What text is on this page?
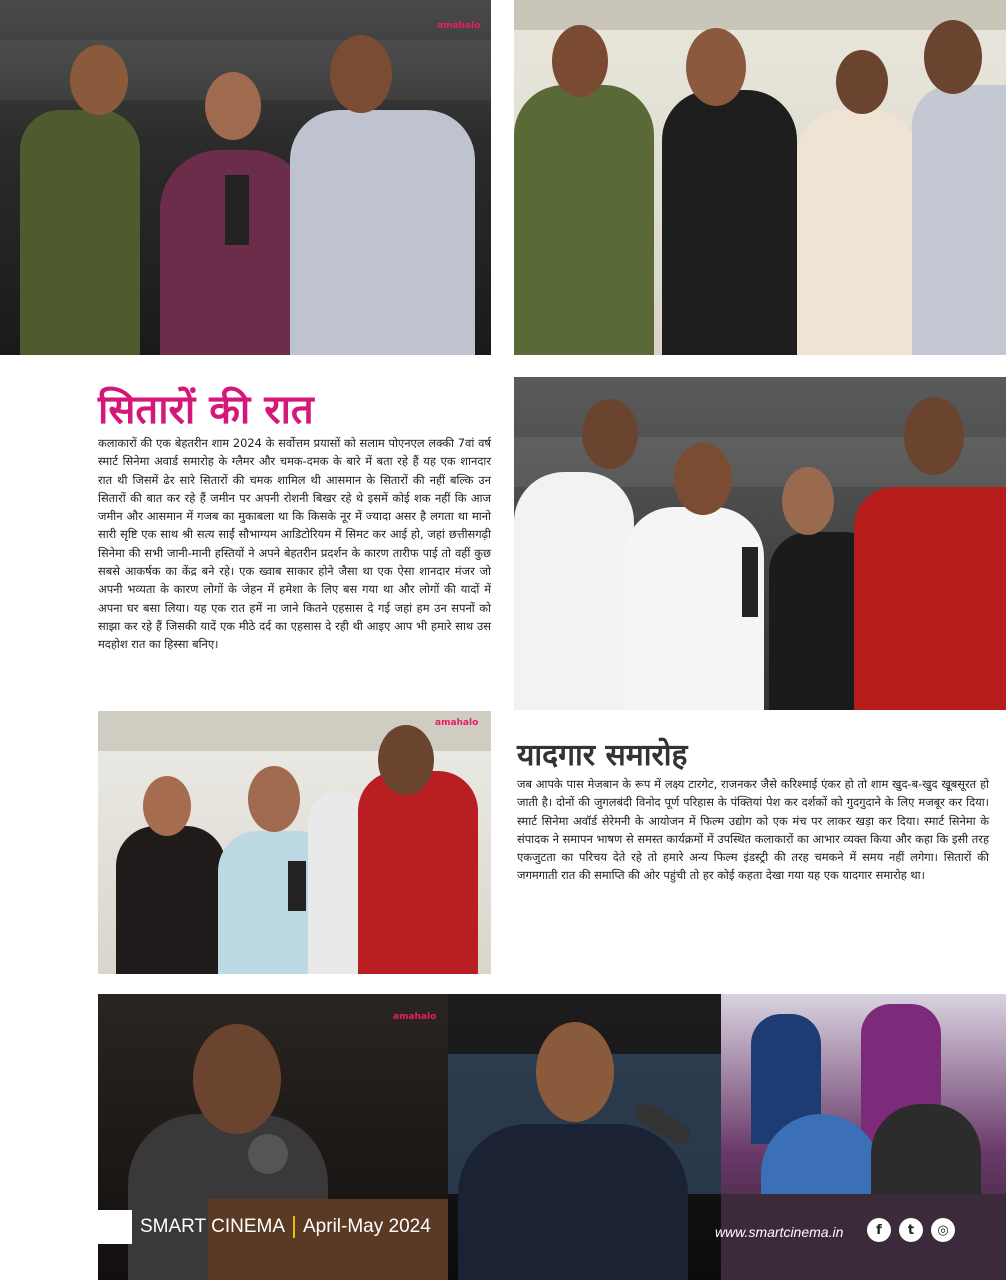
amahalo
amahalo
amahalo
सितारों की रात

कलाकारों की एक बेहतरीन शाम 2024 के सर्वोत्तम प्रयासों को सलाम पोएनएल लक्की 7वां वर्ष स्मार्ट सिनेमा अवार्ड समारोह के ग्लैमर और चमक-दमक के बारे में बता रहे हैं यह एक शानदार रात थी जिसमें ढेर सारे सितारों की चमक शामिल थी आसमान के सितारों की नहीं बल्कि उन सितारों की बात कर रहे हैं जमीन पर अपनी रोशनी बिखर रहे थे इसमें कोई शक नहीं कि आज जमीन और आसमान में गजब का मुकाबला था कि किसके नूर में ज्यादा असर है लगता था मानो सारी सृष्टि एक साथ श्री सत्य साईं सौभाग्यम आडिटोरियम में सिमट कर आई हो, जहां छत्तीसगढ़ी सिनेमा की सभी जानी-मानी हस्तियों ने अपने बेहतरीन प्रदर्शन के कारण तारीफ पाई तो वहीं कुछ सबसे आकर्षक का केंद्र बने रहे। एक ख्वाब साकार होने जैसा था एक ऐसा शानदार मंजर जो अपनी भव्यता के कारण लोगों के जेहन में हमेशा के लिए बस गया था और लोगों की यादों में अपना घर बसा लिया। यह एक रात हमें ना जाने कितने एहसास दे गई जहां हम उन सपनों को साझा कर रहे हैं जिसकी यादें एक मीठे दर्द का एहसास दे रही थी आइए आप भी हमारे साथ उस मदहोश रात का हिस्सा बनिए।

यादगार समारोह

जब आपके पास मेजबान के रूप में लक्ष्य टारगेट, राजनकर जैसे करिश्माई एंकर हो तो शाम खुद-ब-खुद खूबसूरत हो जाती है। दोनों की जुगलबंदी विनोद पूर्ण परिहास के पंक्तियां पेश कर दर्शकों को गुदगुदाने के लिए मजबूर कर दिया। स्मार्ट सिनेमा अवॉर्ड सेरेमनी के आयोजन में फिल्म उद्योग को एक मंच पर लाकर खड़ा कर दिया। स्मार्ट सिनेमा के संपादक ने समापन भाषण से समस्त कार्यक्रमों में उपस्थित कलाकारों का आभार व्यक्त किया और कहा कि इसी तरह एकजुटता का परिचय देते रहे तो हमारे अन्य फिल्म इंडस्ट्री की तरह चमकने में समय नहीं लगेगा। सितारों की जगमगाती रात की समाप्ति की ओर पहुंची तो हर कोई कहता देखा गया यह एक यादगार समारोह था।

SMART CINEMA April-May 2024	www.smartcinema.in	f	t	◎
